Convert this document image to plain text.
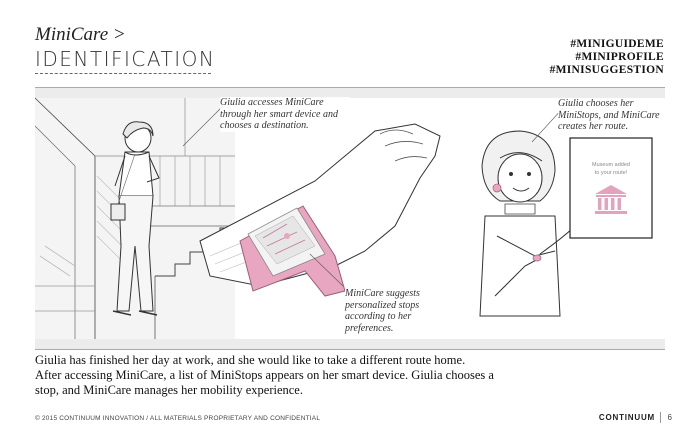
MiniCare >
IDENTIFICATION
#MINIGUIDEME
#MINIPROFILE
#MINISUGGESTION
Museum added
to your route!
Giulia accesses MiniCare through her smart device and chooses a destination.
Giulia chooses her MiniStops, and MiniCare creates her route.
MiniCare suggests personalized stops according to her preferences.
Giulia has finished her day at work, and she would like to take a different route home.
After accessing MiniCare, a list of MiniStops appears on her smart device. Giulia chooses a
stop, and MiniCare manages her mobility experience.
© 2015 CONTINUUM INNOVATION / ALL MATERIALS PROPRIETARY AND CONFIDENTIAL	CONTINUUM 6
